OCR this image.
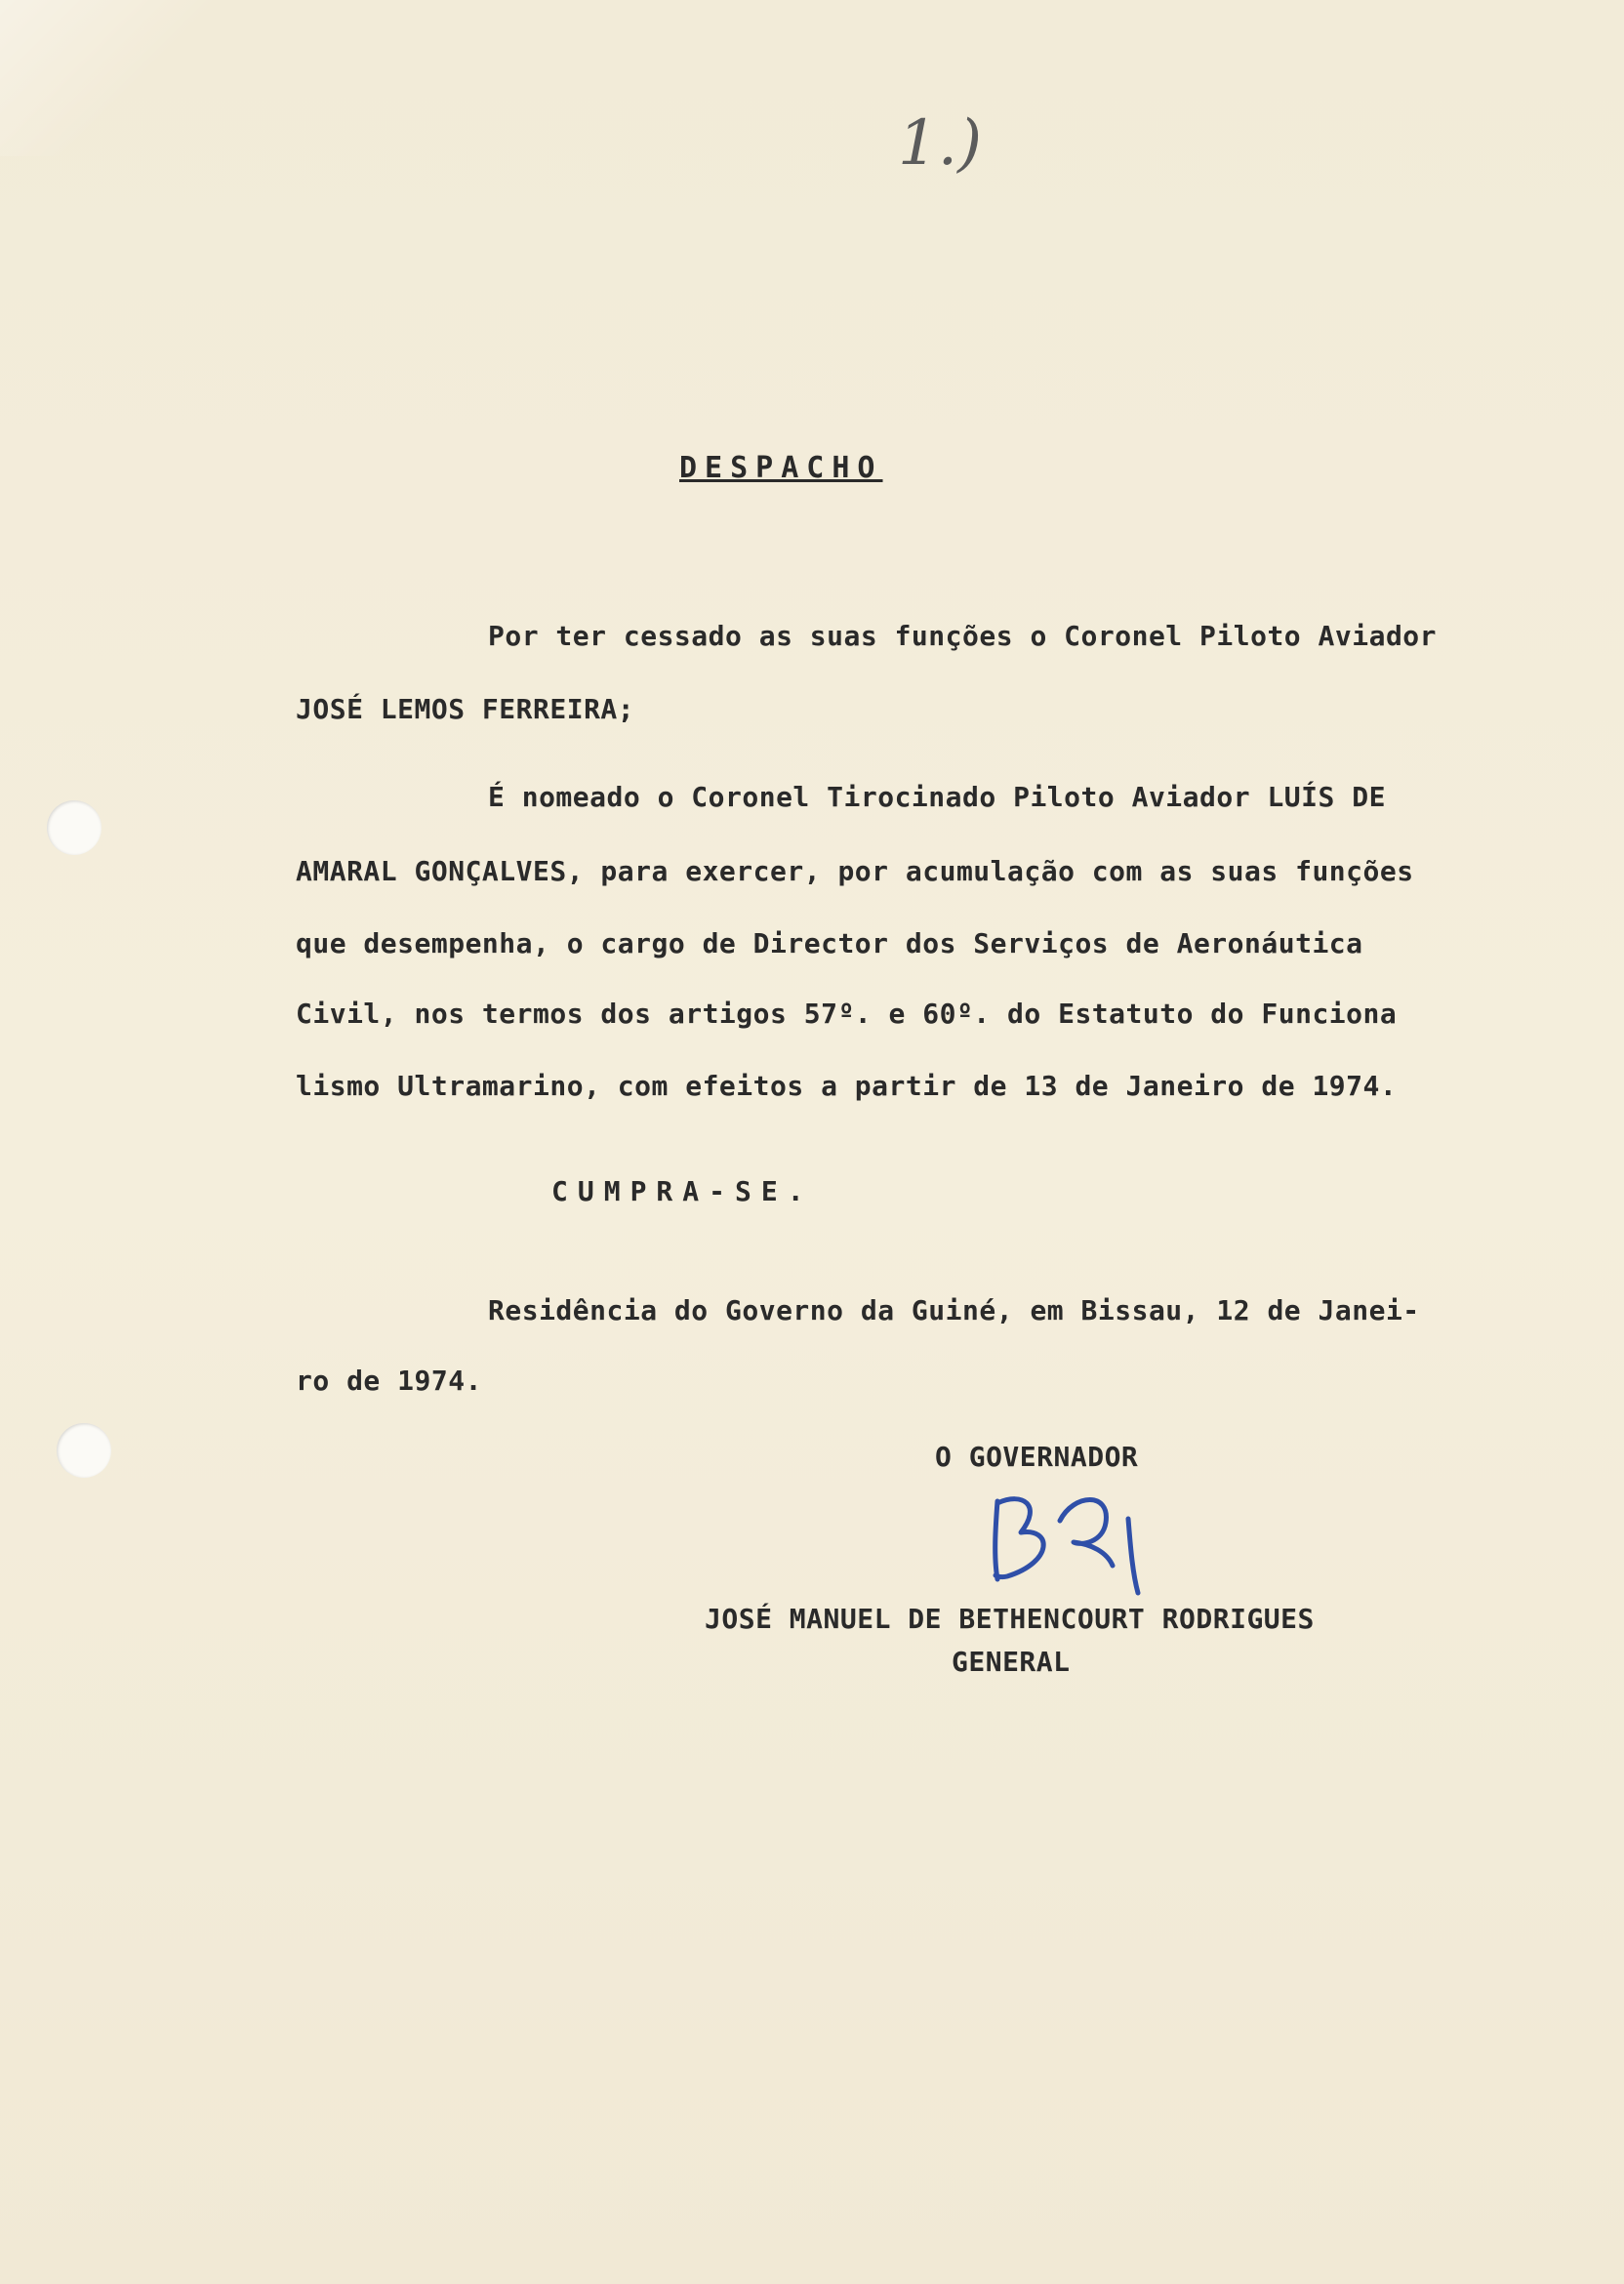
1.)
DESPACHO
Por ter cessado as suas funções o Coronel Piloto Aviador
JOSÉ LEMOS FERREIRA;
É nomeado o Coronel Tirocinado Piloto Aviador LUÍS DE
AMARAL GONÇALVES, para exercer, por acumulação com as suas funções
que desempenha, o cargo de Director dos Serviços de Aeronáutica
Civil, nos termos dos artigos 57º. e 60º. do Estatuto do Funciona
lismo Ultramarino, com efeitos a partir de 13 de Janeiro de 1974.
CUMPRA-SE.
Residência do Governo da Guiné, em Bissau, 12 de Janei-
ro de 1974.
O GOVERNADOR
JOSÉ MANUEL DE BETHENCOURT RODRIGUES
GENERAL
